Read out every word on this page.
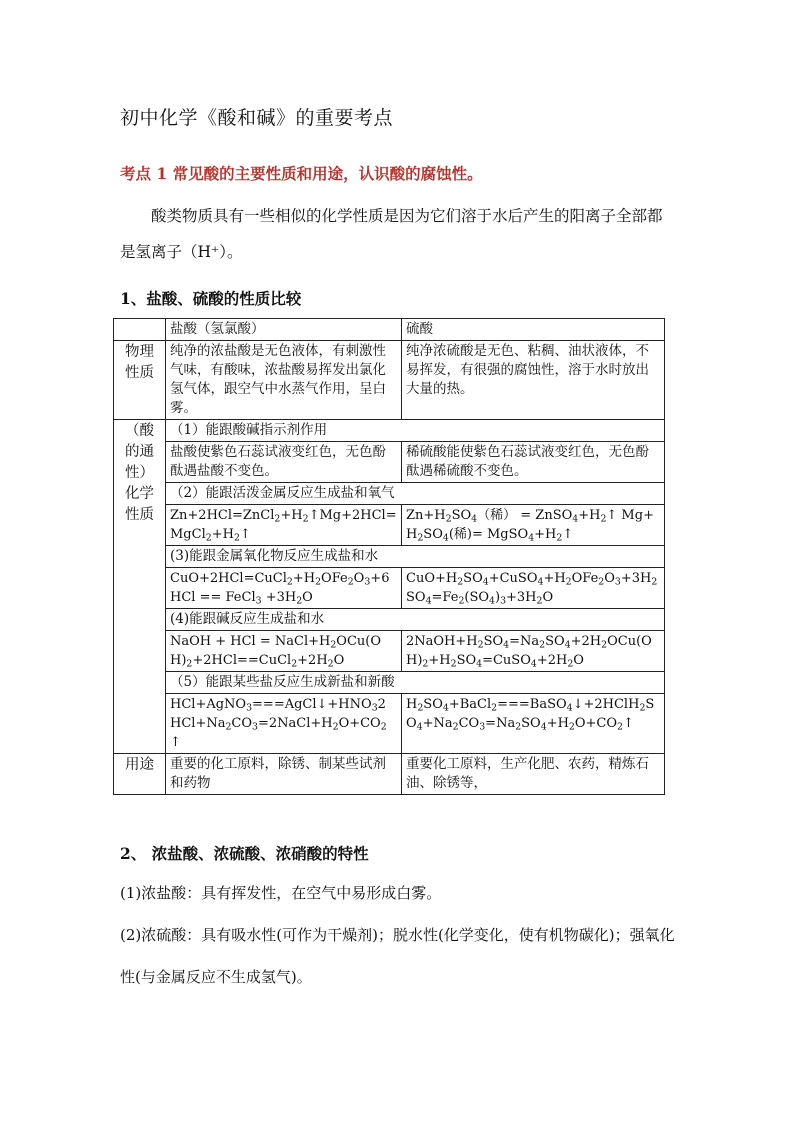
初中化学《酸和碱》的重要考点
考点 1 常见酸的主要性质和用途，认识酸的腐蚀性。
酸类物质具有一些相似的化学性质是因为它们溶于水后产生的阳离子全部都是氢离子（H⁺）。
1、盐酸、硫酸的性质比较
	盐酸（氢氯酸）	硫酸
物理性质	纯净的浓盐酸是无色液体，有刺激性气味，有酸味，浓盐酸易挥发出氯化氢气体，跟空气中水蒸气作用，呈白雾。	纯净浓硫酸是无色、粘稠、油状液体，不易挥发，有很强的腐蚀性，溶于水时放出大量的热。
（酸的通性）化学性质	（1）能跟酸碱指示剂作用	
	盐酸使紫色石蕊试液变红色，无色酚酞遇盐酸不变色。	稀硫酸能使紫色石蕊试液变红色，无色酚酞遇稀硫酸不变色。
	（2）能跟活泼金属反应生成盐和氧气	
	$Zn+2HCl=ZnCl_2+H_2↑Mg+2HCl=MgCl_2+H_2↑$	$Zn+H_2SO_4$（稀） = $ZnSO_4+H_2↑$ $Mg+H_2SO_4$(稀)= $MgSO_4+H_2↑$
	(3)能跟金属氧化物反应生成盐和水	
	$CuO+2HCl=CuCl_2+H_2OFe_2O_3+6HCl$ == FeCl$_3$ $+3H_2O$	$CuO+H_2SO_4+CuSO_4+H_2OFe_2O_3+3H_2SO_4=Fe_2(SO_4)_3+3H_2O$
	(4)能跟碱反应生成盐和水	
	NaOH + HCl = $NaCl+H_2OCu(OH)_2+2HCl==CuCl_2+2H_2O$	$2NaOH+H_2SO_4=Na_2SO_4+2H_2OCu(OH)_2+H_2SO_4=CuSO_4+2H_2O$
	（5）能跟某些盐反应生成新盐和新酸	
	$HCl+AgNO_3===AgCl↓+HNO_32HCl+Na_2CO_3=2NaCl+H_2O+CO_2↑$	$H_2SO_4+BaCl_2===BaSO_4↓+2HClH_2SO_4+Na_2CO_3=Na_2SO_4+H_2O+CO_2↑$
用途	重要的化工原料，除锈、制某些试剂和药物	重要化工原料，生产化肥、农药，精炼石油、除锈等，
2、 浓盐酸、浓硫酸、浓硝酸的特性
(1)浓盐酸：具有挥发性，在空气中易形成白雾。
(2)浓硫酸：具有吸水性(可作为干燥剂)；脱水性(化学变化，使有机物碳化)；强氧化性(与金属反应不生成氢气)。
